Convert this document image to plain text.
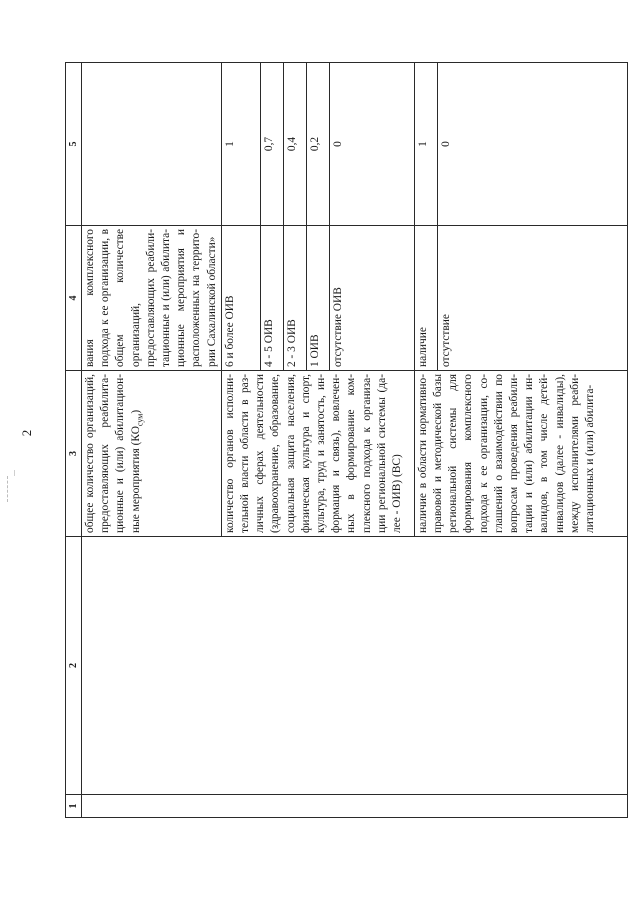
2
1	2	3	4	5
		общее количество организаций, предоставляющих реабилита-ционные и (или) абилитацион-ные мероприятия $(КО_{сум})$	вания комплексного подхода к ее организации, в общем количестве организаций, предоставляющих реабили-тационные и (или) абилита-ционные мероприятия и расположенных на террито-рии Сахалинской области»	
		количество органов исполни-тельной власти области в раз-личных сферах деятельности (здравоохранение, образование, социальная защита населения, физическая культура и спорт, культура, труд и занятость, ин-формация и связь), вовлечен-ных в формирование ком-плексного подхода к организа-ции региональной системы (да-лее - ОИВ) (ВС)	6 и более ОИВ	1
			4 - 5 ОИВ	0,7
			2 - 3 ОИВ	0,4
			1 ОИВ	0,2
			отсутствие ОИВ	0
		наличие в области нормативно-правовой и методической базы региональной системы для формирования комплексного подхода к ее организации, со-глашений о взаимодействии по вопросам проведения реабили-тации и (или) абилитации ин-валидов, в том числе детей-инвалидов (далее - инвалиды), между исполнителями реаби-литационных и (или) абилита-	наличие	1
			отсутствие	0
